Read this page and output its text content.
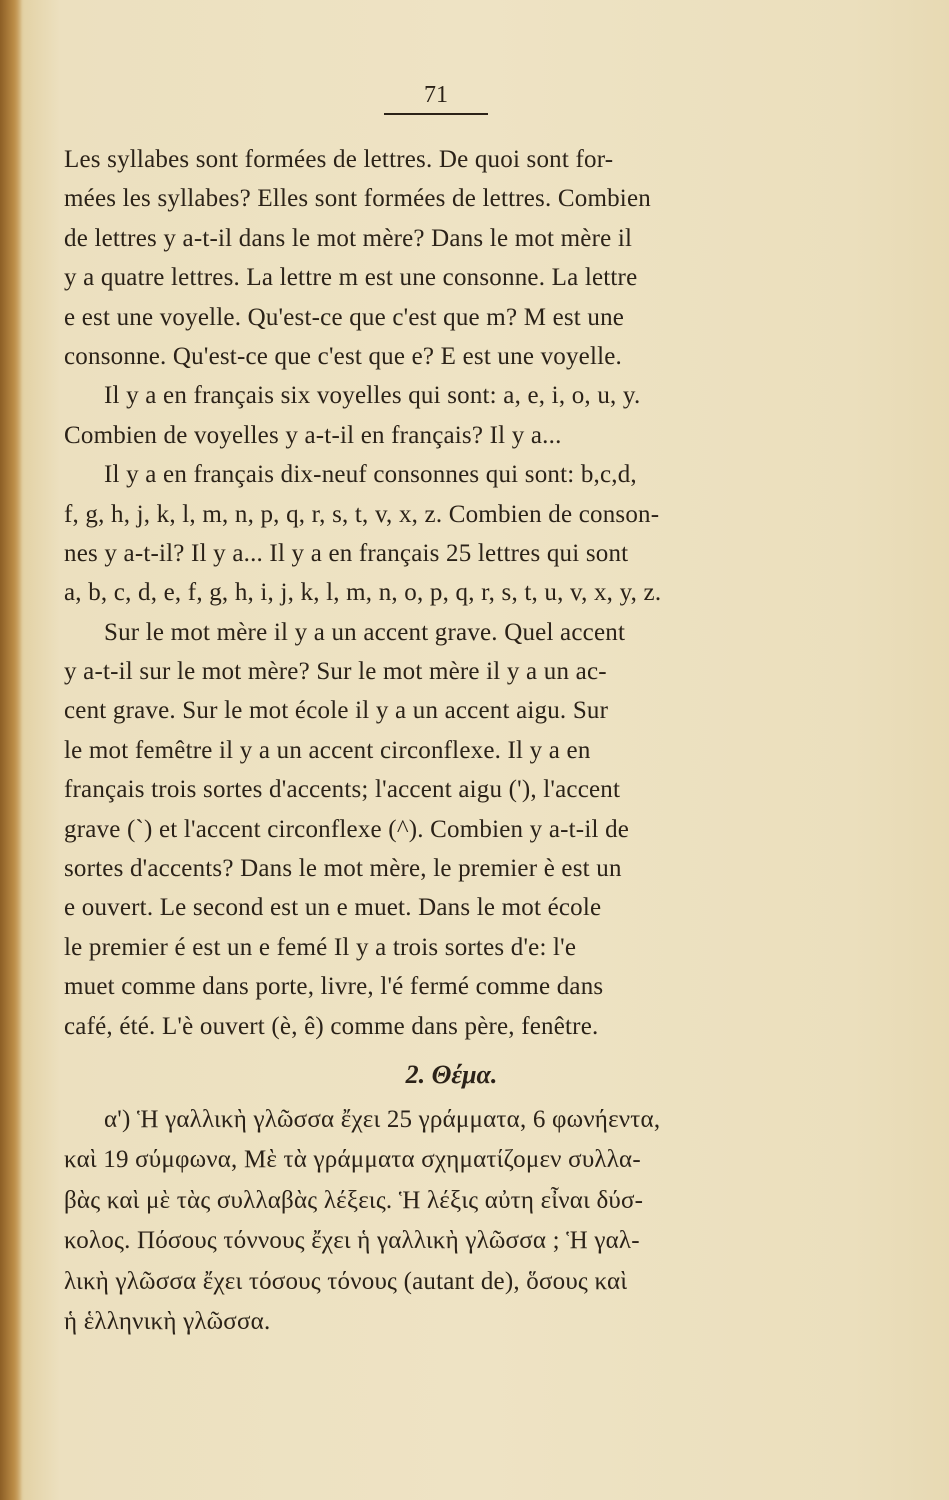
71
Les syllabes sont formées de lettres. De quoi sont for-
mées les syllabes? Elles sont formées de lettres. Combien
de lettres y a-t-il dans le mot mère? Dans le mot mère il
y a quatre lettres. La lettre m est une consonne. La lettre
e est une voyelle. Qu'est-ce que c'est que m? M est une
consonne. Qu'est-ce que c'est que e? E est une voyelle.
Il y a en français six voyelles qui sont: a, e, i, o, u, y.
Combien de voyelles y a-t-il en français? Il y a...
Il y a en français dix-neuf consonnes qui sont: b,c,d,
f, g, h, j, k, l, m, n, p, q, r, s, t, v, x, z. Combien de conson-
nes y a-t-il? Il y a... Il y a en français 25 lettres qui sont
a, b, c, d, e, f, g, h, i, j, k, l, m, n, o, p, q, r, s, t, u, v, x, y, z.
Sur le mot mère il y a un accent grave. Quel accent
y a-t-il sur le mot mère? Sur le mot mère il y a un ac-
cent grave. Sur le mot école il y a un accent aigu. Sur
le mot femêtre il y a un accent circonflexe. Il y a en
français trois sortes d'accents; l'accent aigu ('), l'accent
grave (`) et l'accent circonflexe (^). Combien y a-t-il de
sortes d'accents? Dans le mot mère, le premier è est un
e ouvert. Le second est un e muet. Dans le mot école
le premier é est un e femé Il y a trois sortes d'e: l'e
muet comme dans porte, livre, l'é fermé comme dans
café, été. L'è ouvert (è, ê) comme dans père, fenêtre.
2. Θέμα.
α') Ἡ γαλλικὴ γλῶσσα ἔχει 25 γράμματα, 6 φωνήεντα,
καὶ 19 σύμφωνα, Μὲ τὰ γράμματα σχηματίζομεν συλλα-
βὰς καὶ μὲ τὰς συλλαβὰς λέξεις. Ἡ λέξις αὐτη εἶναι δύσ-
κολος. Πόσους τόννους ἔχει ἡ γαλλικὴ γλῶσσα ; Ἡ γαλ-
λικὴ γλῶσσα ἔχει τόσους τόνους (autant de), ὅσους καὶ
ἡ ἑλληνικὴ γλῶσσα.
